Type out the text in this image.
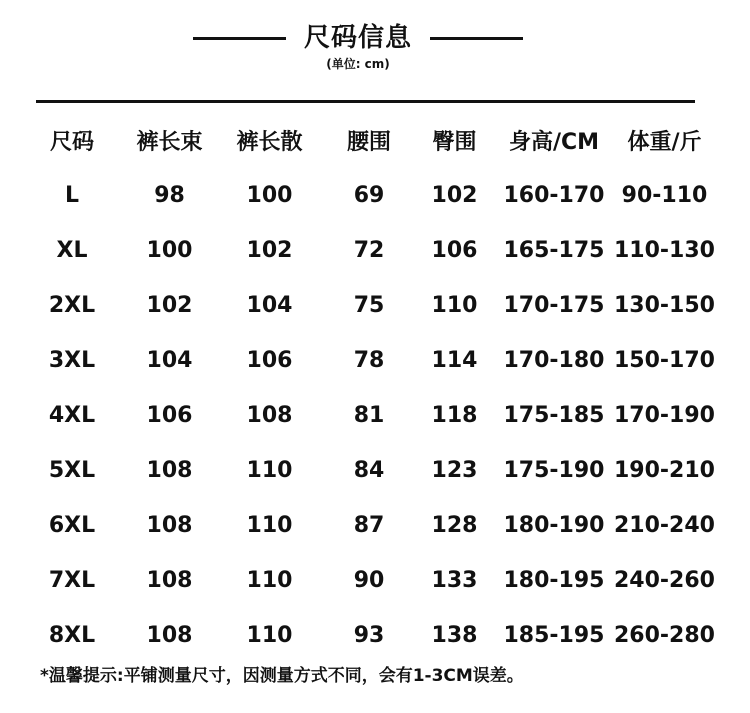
尺码信息
(单位: cm)
尺码	裤长束	裤长散	腰围	臀围	身高/CM	体重/斤
L	98	100	69	102	160-170	90-110
XL	100	102	72	106	165-175	110-130
2XL	102	104	75	110	170-175	130-150
3XL	104	106	78	114	170-180	150-170
4XL	106	108	81	118	175-185	170-190
5XL	108	110	84	123	175-190	190-210
6XL	108	110	87	128	180-190	210-240
7XL	108	110	90	133	180-195	240-260
8XL	108	110	93	138	185-195	260-280
*温馨提示:平铺测量尺寸，因测量方式不同，会有1-3CM误差。
